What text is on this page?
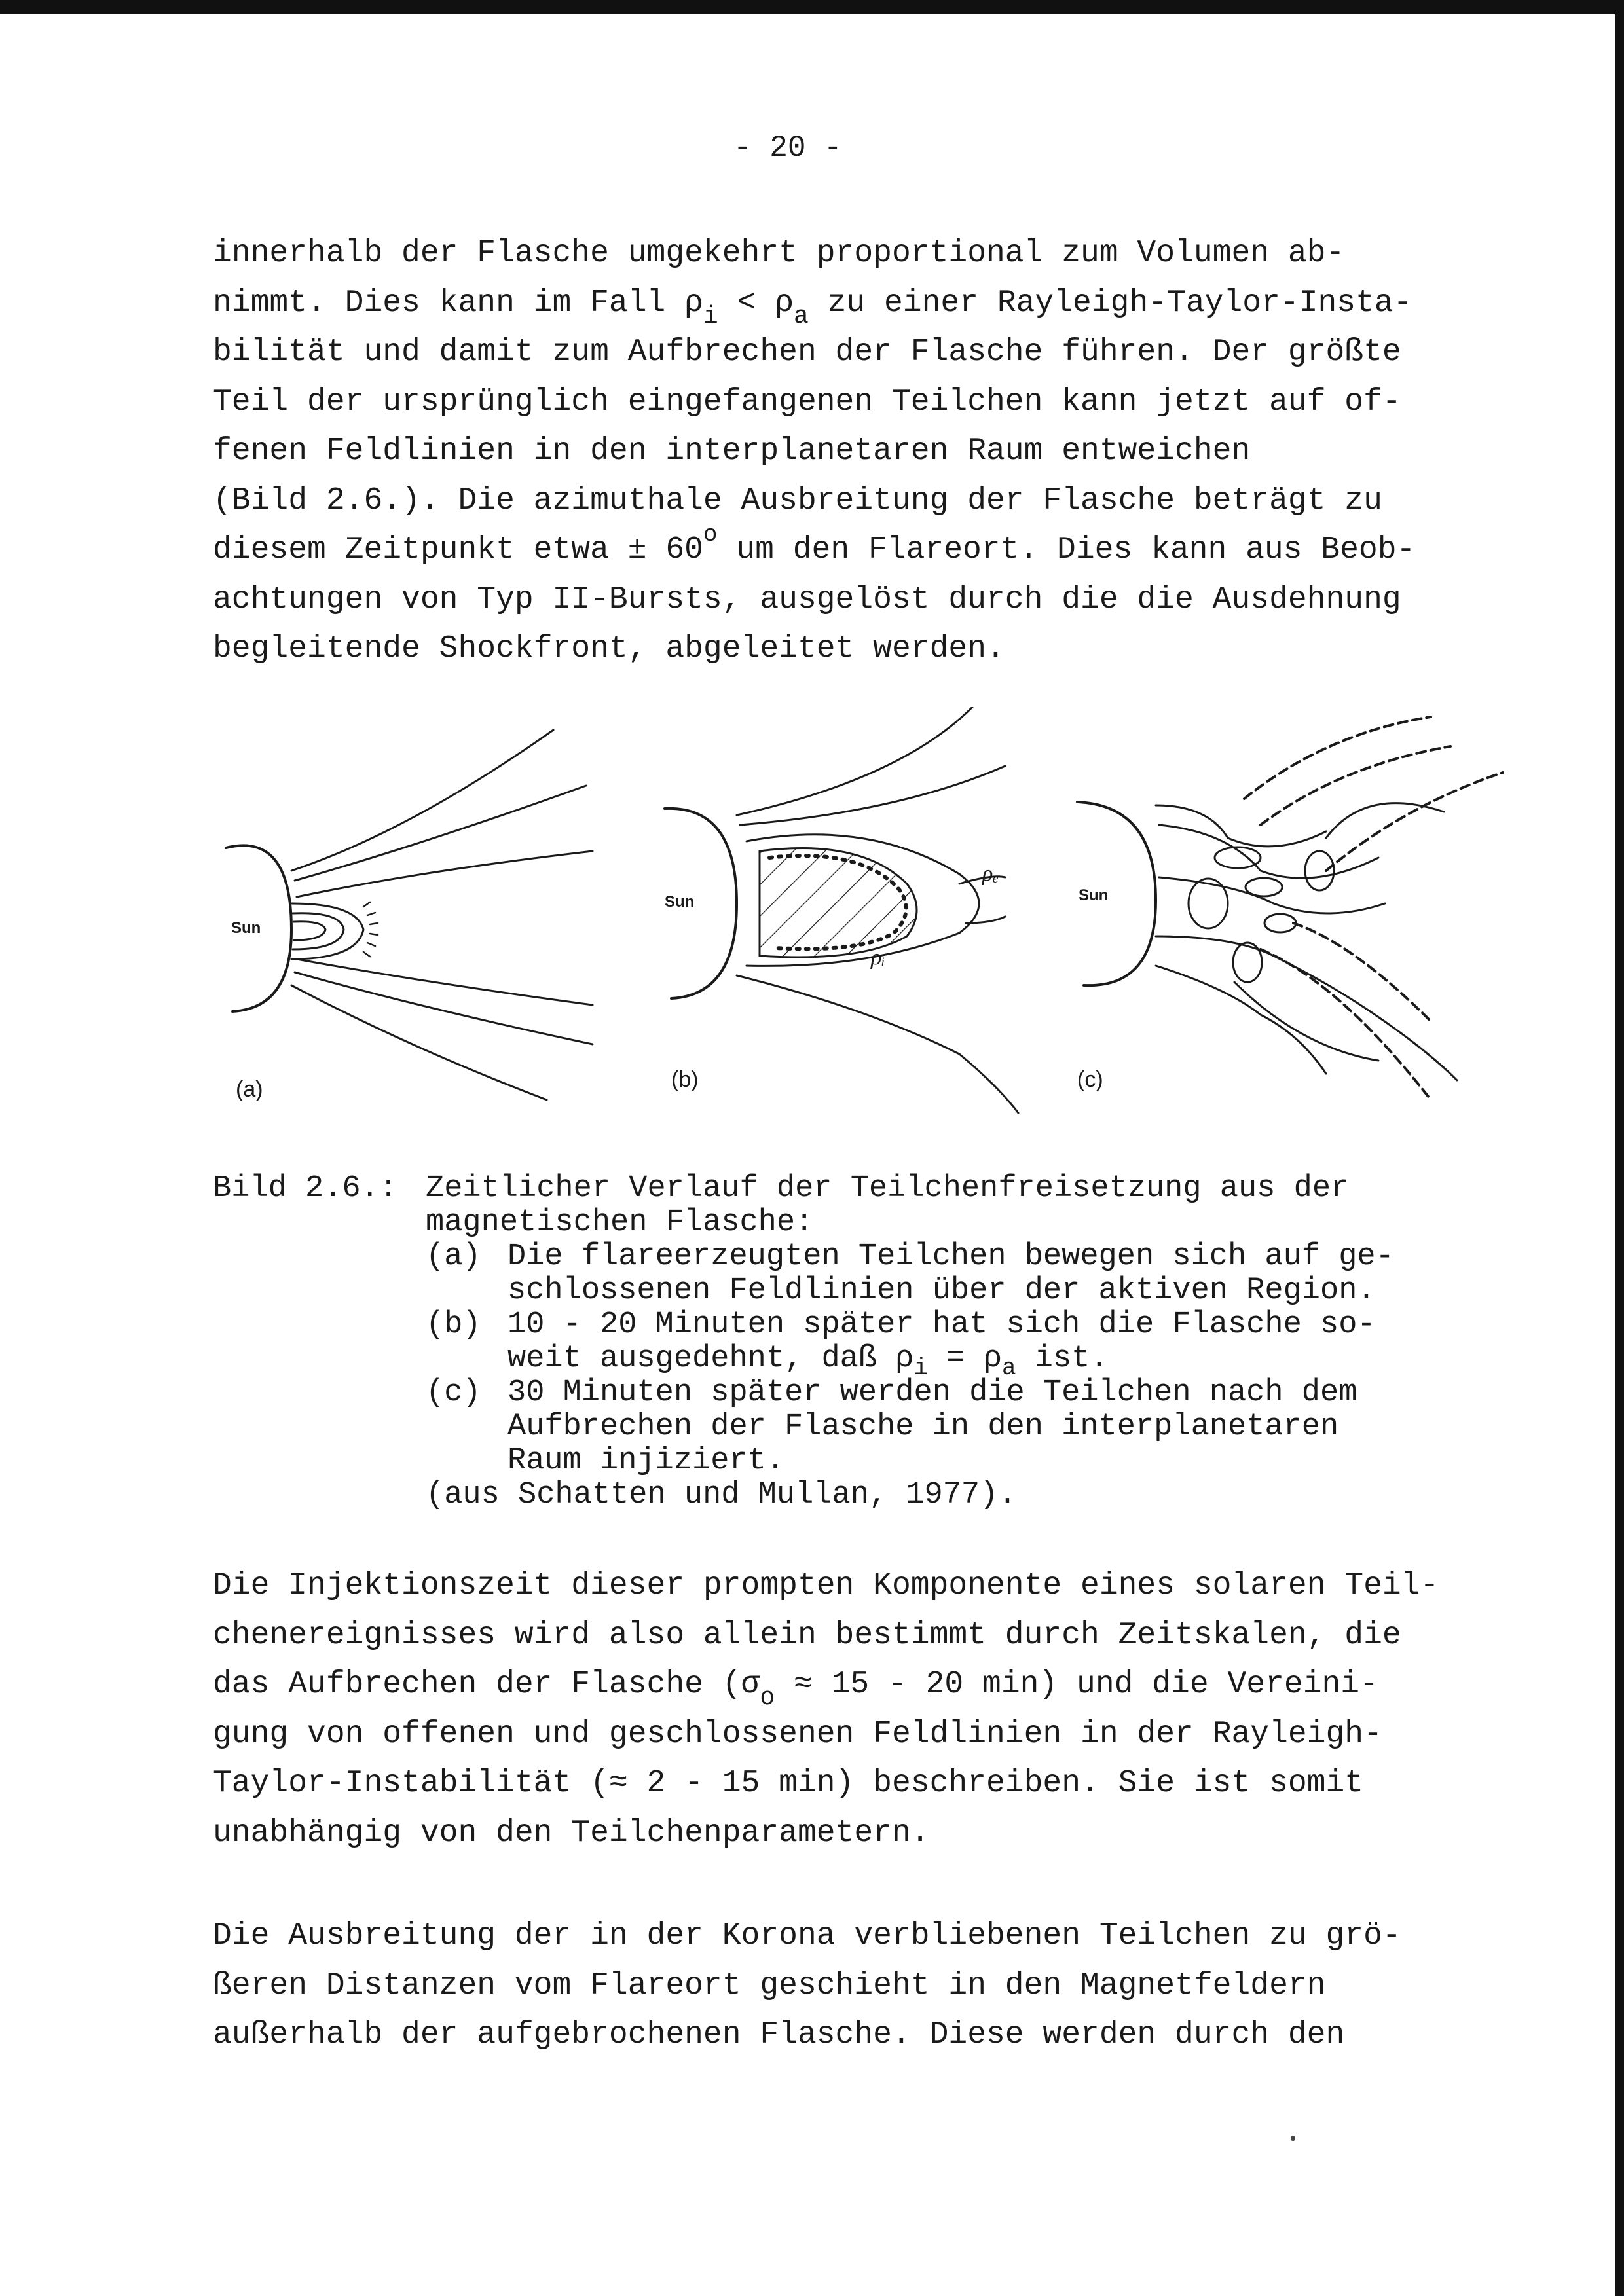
- 20 -
innerhalb der Flasche umgekehrt proportional zum Volumen ab-
nimmt. Dies kann im Fall $\rho_i < \rho_a$ zu einer Rayleigh-Taylor-Insta-
bilität und damit zum Aufbrechen der Flasche führen. Der größte
Teil der ursprünglich eingefangenen Teilchen kann jetzt auf of-
fenen Feldlinien in den interplanetaren Raum entweichen
(Bild 2.6.). Die azimuthale Ausbreitung der Flasche beträgt zu
diesem Zeitpunkt etwa ± $60^o$ um den Flareort. Dies kann aus Beob-
achtungen von Typ II-Bursts, ausgelöst durch die die Ausdehnung
begleitende Shockfront, abgeleitet werden.
Sun
(a)
ρₑ
ρᵢ
Sun
(b)
Sun
(c)
Bild 2.6.: Zeitlicher Verlauf der Teilchenfreisetzung aus der
magnetischen Flasche:
(a) Die flareerzeugten Teilchen bewegen sich auf ge-
schlossenen Feldlinien über der aktiven Region.
(b) 10 - 20 Minuten später hat sich die Flasche so-
weit ausgedehnt, daß $\rho_i = \rho_a$ ist.
(c) 30 Minuten später werden die Teilchen nach dem
Aufbrechen der Flasche in den interplanetaren
Raum injiziert.
(aus Schatten und Mullan, 1977).
Die Injektionszeit dieser prompten Komponente eines solaren Teil-
chenereignisses wird also allein bestimmt durch Zeitskalen, die
das Aufbrechen der Flasche ($\sigma_o \approx 15 - 20$ min) und die Vereini-
gung von offenen und geschlossenen Feldlinien in der Rayleigh-
Taylor-Instabilität (≈ 2 - 15 min) beschreiben. Sie ist somit
unabhängig von den Teilchenparametern.
Die Ausbreitung der in der Korona verbliebenen Teilchen zu grö-
ßeren Distanzen vom Flareort geschieht in den Magnetfeldern
außerhalb der aufgebrochenen Flasche. Diese werden durch den
